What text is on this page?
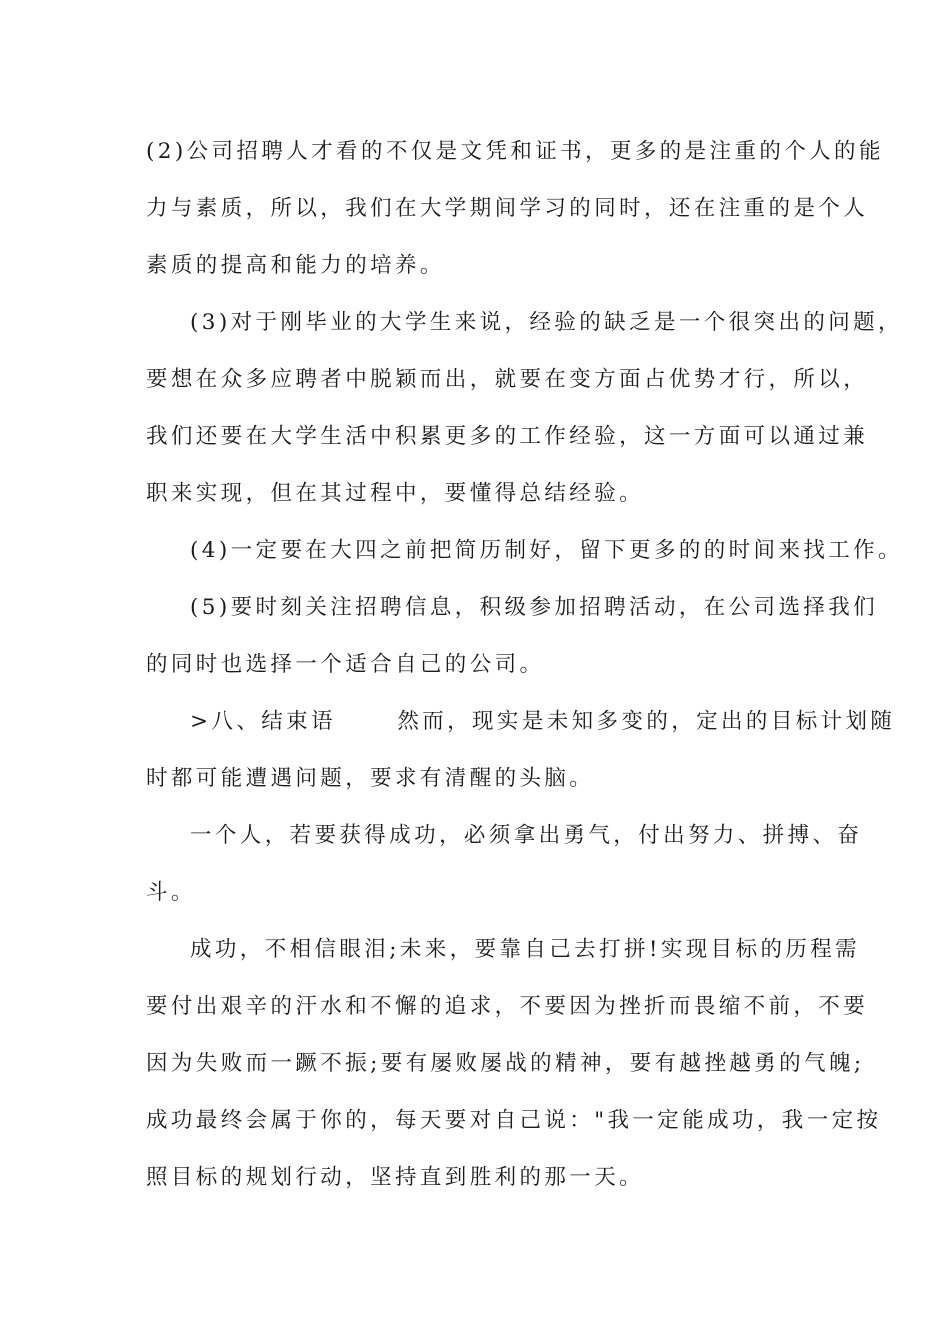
(2)公司招聘人才看的不仅是文凭和证书，更多的是注重的个人的能
力与素质，所以，我们在大学期间学习的同时，还在注重的是个人
素质的提高和能力的培养。
(3)对于刚毕业的大学生来说，经验的缺乏是一个很突出的问题，
要想在众多应聘者中脱颖而出，就要在变方面占优势才行，所以，
我们还要在大学生活中积累更多的工作经验，这一方面可以通过兼
职来实现，但在其过程中，要懂得总结经验。
(4)一定要在大四之前把简历制好，留下更多的的时间来找工作。
(5)要时刻关注招聘信息，积级参加招聘活动，在公司选择我们
的同时也选择一个适合自己的公司。
>八、结束语      然而，现实是未知多变的，定出的目标计划随
时都可能遭遇问题，要求有清醒的头脑。
一个人，若要获得成功，必须拿出勇气，付出努力、拼搏、奋
斗。
成功，不相信眼泪;未来，要靠自己去打拼!实现目标的历程需
要付出艰辛的汗水和不懈的追求，不要因为挫折而畏缩不前，不要
因为失败而一蹶不振;要有屡败屡战的精神，要有越挫越勇的气魄;
成功最终会属于你的，每天要对自己说："我一定能成功，我一定按
照目标的规划行动，坚持直到胜利的那一天。
